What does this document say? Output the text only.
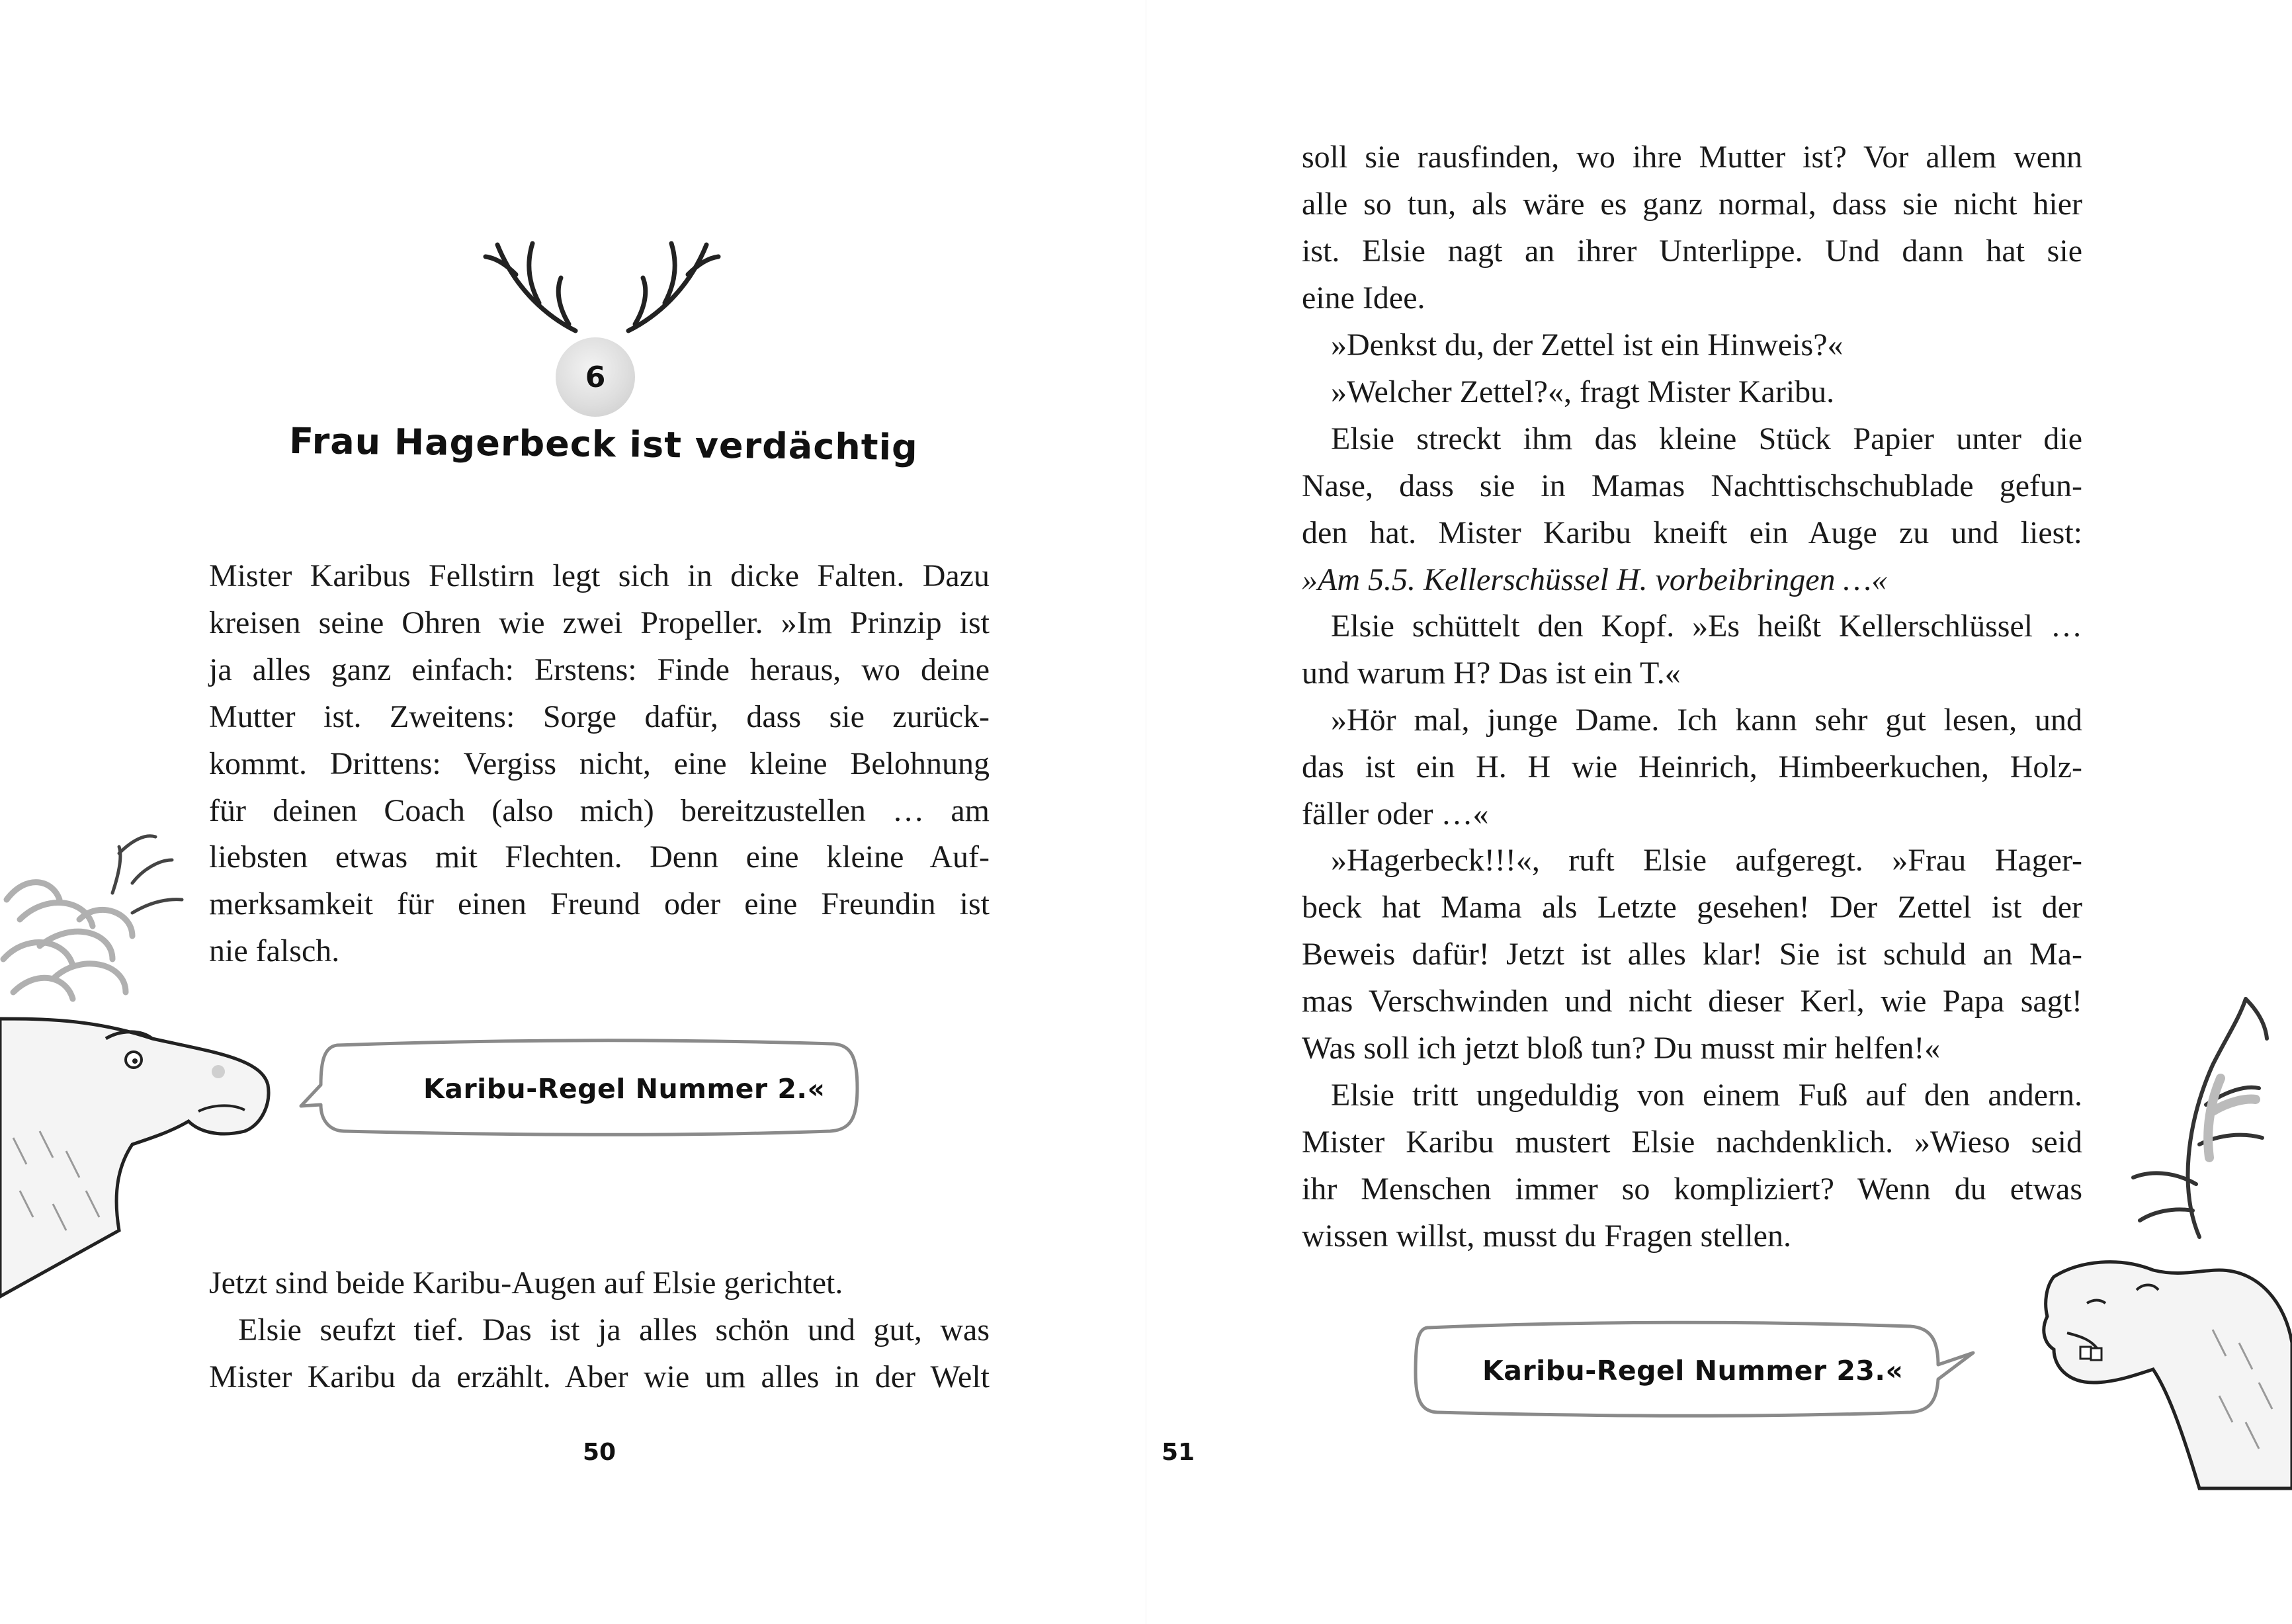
6
Frau Hagerbeck ist verdächtig

Mister Karibus Fellstirn legt sich in dicke Falten. Dazu
kreisen seine Ohren wie zwei Propeller. »Im Prinzip ist
ja alles ganz einfach: Erstens: Finde heraus, wo deine
Mutter ist. Zweitens: Sorge dafür, dass sie zurück-
kommt. Drittens: Vergiss nicht, eine kleine Belohnung
für deinen Coach (also mich) bereitzustellen … am
liebsten etwas mit Flechten. Denn eine kleine Auf-
merksamkeit für einen Freund oder eine Freundin ist
nie falsch.

Karibu-Regel Nummer 2.«

Jetzt sind beide Karibu-Augen auf Elsie gerichtet.

Elsie seufzt tief. Das ist ja alles schön und gut, was
Mister Karibu da erzählt. Aber wie um alles in der Welt

50

soll sie rausfinden, wo ihre Mutter ist? Vor allem wenn
alle so tun, als wäre es ganz normal, dass sie nicht hier
ist. Elsie nagt an ihrer Unterlippe. Und dann hat sie
eine Idee.

»Denkst du, der Zettel ist ein Hinweis?«

»Welcher Zettel?«, fragt Mister Karibu.

Elsie streckt ihm das kleine Stück Papier unter die
Nase, dass sie in Mamas Nachttischschublade gefun-
den hat. Mister Karibu kneift ein Auge zu und liest:
»Am 5.5. Kellerschüssel H. vorbeibringen …«

Elsie schüttelt den Kopf. »Es heißt Kellerschlüssel …
und warum H? Das ist ein T.«

»Hör mal, junge Dame. Ich kann sehr gut lesen, und
das ist ein H. H wie Heinrich, Himbeerkuchen, Holz-
fäller oder …«

»Hagerbeck!!!«, ruft Elsie aufgeregt. »Frau Hager-
beck hat Mama als Letzte gesehen! Der Zettel ist der
Beweis dafür! Jetzt ist alles klar! Sie ist schuld an Ma-
mas Verschwinden und nicht dieser Kerl, wie Papa sagt!
Was soll ich jetzt bloß tun? Du musst mir helfen!«

Elsie tritt ungeduldig von einem Fuß auf den andern.
Mister Karibu mustert Elsie nachdenklich. »Wieso seid
ihr Menschen immer so kompliziert? Wenn du etwas
wissen willst, musst du Fragen stellen.

Karibu-Regel Nummer 23.«
51
